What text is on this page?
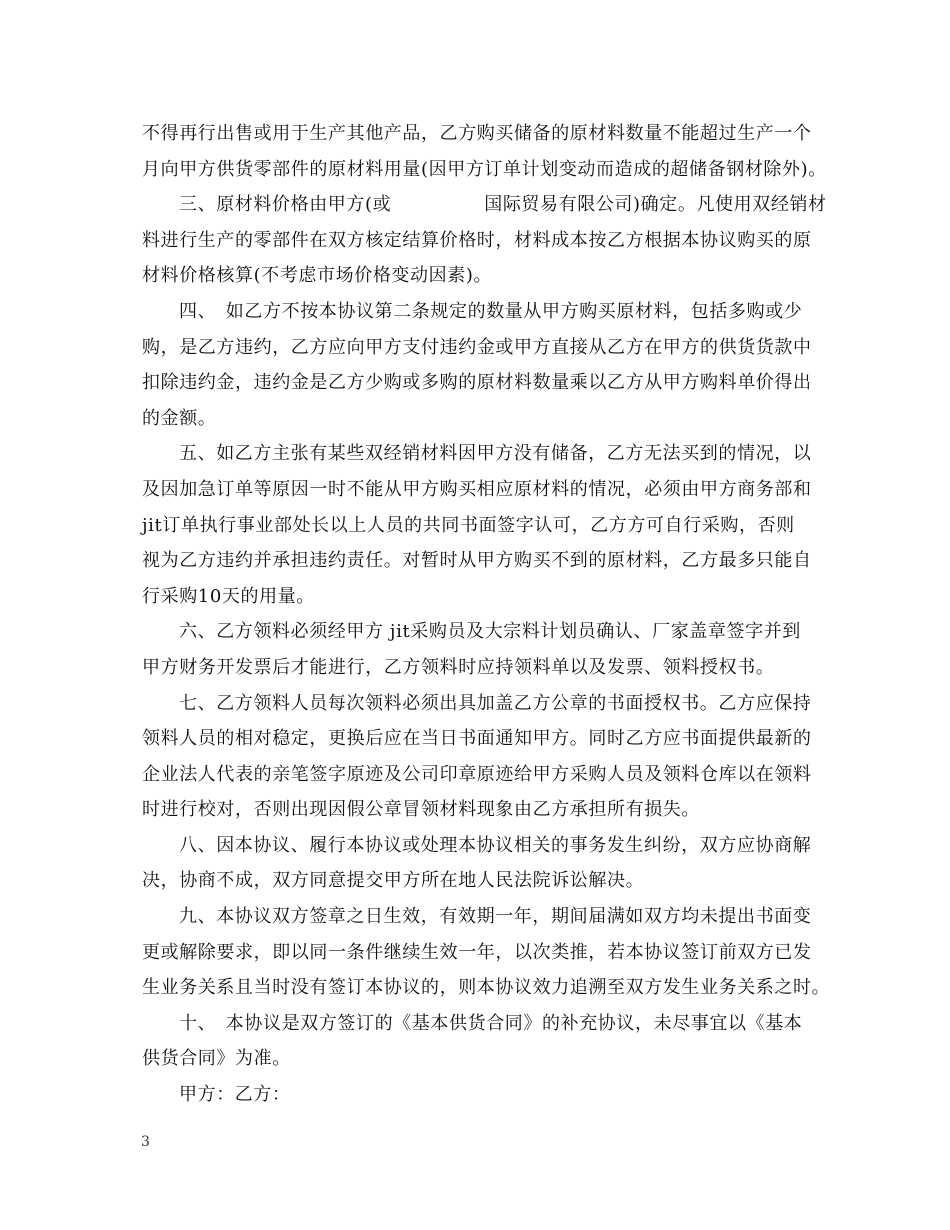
不得再行出售或用于生产其他产品，乙方购买储备的原材料数量不能超过生产一个

月向甲方供货零部件的原材料用量(因甲方订单计划变动而造成的超储备钢材除外)。

三、原材料价格由甲方(或　　　　　国际贸易有限公司)确定。凡使用双经销材

料进行生产的零部件在双方核定结算价格时，材料成本按乙方根据本协议购买的原

材料价格核算(不考虑市场价格变动因素)。

四、　如乙方不按本协议第二条规定的数量从甲方购买原材料，包括多购或少

购，是乙方违约，乙方应向甲方支付违约金或甲方直接从乙方在甲方的供货货款中

扣除违约金，违约金是乙方少购或多购的原材料数量乘以乙方从甲方购料单价得出

的金额。

五、如乙方主张有某些双经销材料因甲方没有储备，乙方无法买到的情况，以

及因加急订单等原因一时不能从甲方购买相应原材料的情况，必须由甲方商务部和

jit订单执行事业部处长以上人员的共同书面签字认可，乙方方可自行采购，否则

视为乙方违约并承担违约责任。对暂时从甲方购买不到的原材料，乙方最多只能自

行采购10天的用量。

六、乙方领料必须经甲方 jit采购员及大宗料计划员确认、厂家盖章签字并到

甲方财务开发票后才能进行，乙方领料时应持领料单以及发票、领料授权书。

七、乙方领料人员每次领料必须出具加盖乙方公章的书面授权书。乙方应保持

领料人员的相对稳定，更换后应在当日书面通知甲方。同时乙方应书面提供最新的

企业法人代表的亲笔签字原迹及公司印章原迹给甲方采购人员及领料仓库以在领料

时进行校对，否则出现因假公章冒领材料现象由乙方承担所有损失。

八、因本协议、履行本协议或处理本协议相关的事务发生纠纷，双方应协商解

决，协商不成，双方同意提交甲方所在地人民法院诉讼解决。

九、本协议双方签章之日生效，有效期一年，期间届满如双方均未提出书面变

更或解除要求，即以同一条件继续生效一年，以次类推，若本协议签订前双方已发

生业务关系且当时没有签订本协议的，则本协议效力追溯至双方发生业务关系之时。

十、　本协议是双方签订的《基本供货合同》的补充协议，未尽事宜以《基本

供货合同》为准。

甲方：乙方：

3
